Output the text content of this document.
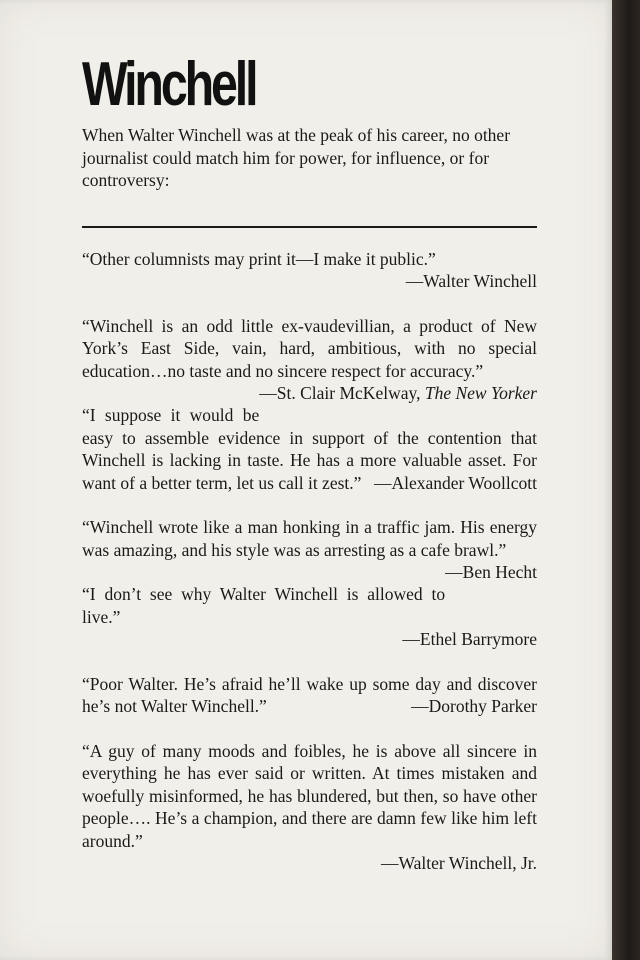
Winchell

When Walter Winchell was at the peak of his career, no other journalist could match him for power, for influence, or for controversy:

“Other columnists may print it—I make it public.”
—Walter Winchell
“Winchell is an odd little ex-vaudevillian, a product of New York’s East Side, vain, hard, ambitious, with no special education…no taste and no sincere respect for accuracy.”
—St. Clair McKelway, The New Yorker
“I suppose it would be easy to assemble evidence in support of the contention that Winchell is lacking in taste. He has a more valuable asset. For want of a better term, let us call it zest.” —Alexander Woollcott
“Winchell wrote like a man honking in a traffic jam. His energy was amazing, and his style was as arresting as a cafe brawl.”
—Ben Hecht
“I don’t see why Walter Winchell is allowed to live.”
—Ethel Barrymore
“Poor Walter. He’s afraid he’ll wake up some day and discover he’s not Walter Winchell.”	—Dorothy Parker
“A guy of many moods and foibles, he is above all sincere in everything he has ever said or written. At times mistaken and woefully misinformed, he has blundered, but then, so have other people…. He’s a champion, and there are damn few like him left around.”
—Walter Winchell, Jr.
